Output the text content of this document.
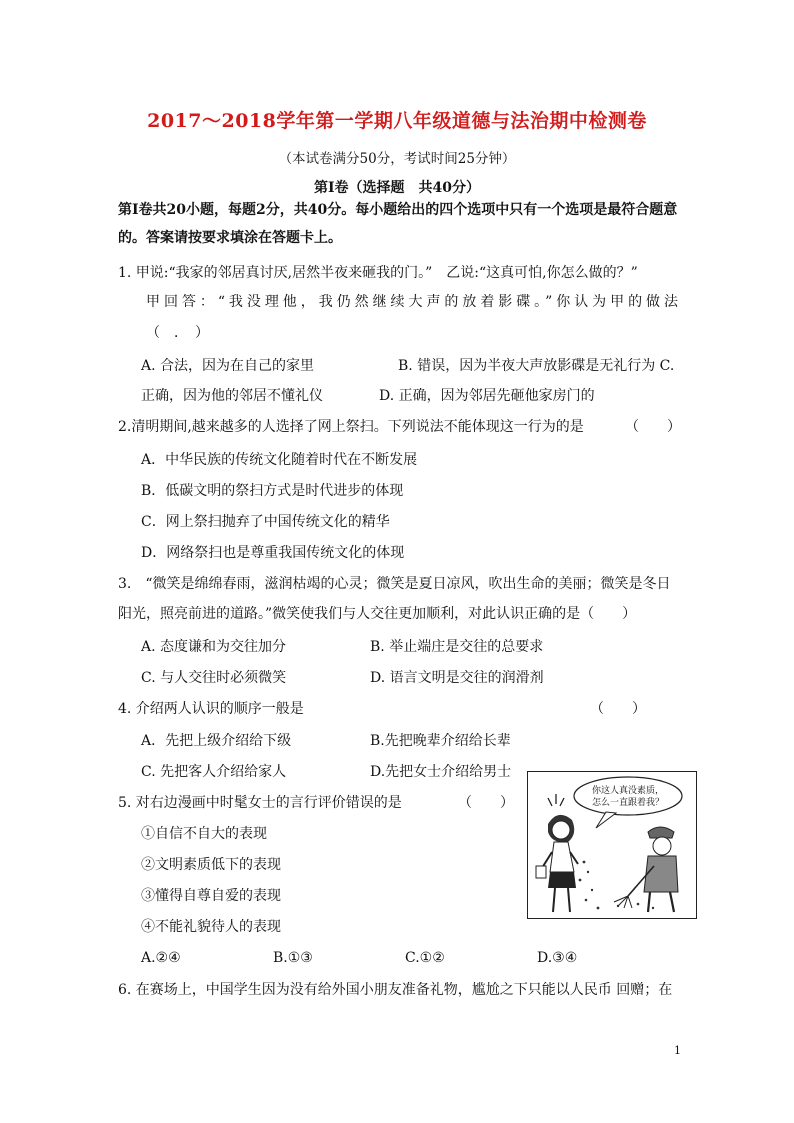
2017～2018学年第一学期八年级道德与法治期中检测卷
（本试卷满分50分，考试时间25分钟）
第Ⅰ卷（选择题　共40分）
第Ⅰ卷共20小题，每题2分，共40分。每小题给出的四个选项中只有一个选项是最符合题意
的。答案请按要求填涂在答题卡上。
1. 甲说:“我家的邻居真讨厌,居然半夜来砸我的门。”　乙说:“这真可怕,你怎么做的？”
甲回答：“我没理他，我仍然继续大声的放着影碟。”你认为甲的做法
（　．　）
A. 合法，因为在自己的家里　　　　　　B. 错误，因为半夜大声放影碟是无礼行为 C.
正确，因为他的邻居不懂礼仪　　　　D. 正确，因为邻居先砸他家房门的
2.清明期间,越来越多的人选择了网上祭扫。下列说法不能体现这一行为的是	（　　）
A．中华民族的传统文化随着时代在不断发展
B．低碳文明的祭扫方式是时代进步的体现
C．网上祭扫抛弃了中国传统文化的精华
D．网络祭扫也是尊重我国传统文化的体现
3.　“微笑是绵绵春雨，滋润枯竭的心灵；微笑是夏日凉风，吹出生命的美丽；微笑是冬日
阳光，照亮前进的道路。”微笑使我们与人交往更加顺利，对此认识正确的是（　　）
A. 态度谦和为交往加分	B. 举止端庄是交往的总要求
C. 与人交往时必须微笑	D. 语言文明是交往的润滑剂
4. 介绍两人认识的顺序一般是	（　　）
A．先把上级介绍给下级	B.先把晚辈介绍给长辈
C. 先把客人介绍给家人	D.先把女士介绍给男士
5. 对右边漫画中时髦女士的言行评价错误的是	（　　）
①自信不自大的表现
②文明素质低下的表现
③懂得自尊自爱的表现
④不能礼貌待人的表现
A.②④	B.①③	C.①②	D.③④
你这人真没素质，
怎么一直跟着我？
6. 在赛场上，中国学生因为没有给外国小朋友准备礼物，尴尬之下只能以人民币 回赠；在
1
